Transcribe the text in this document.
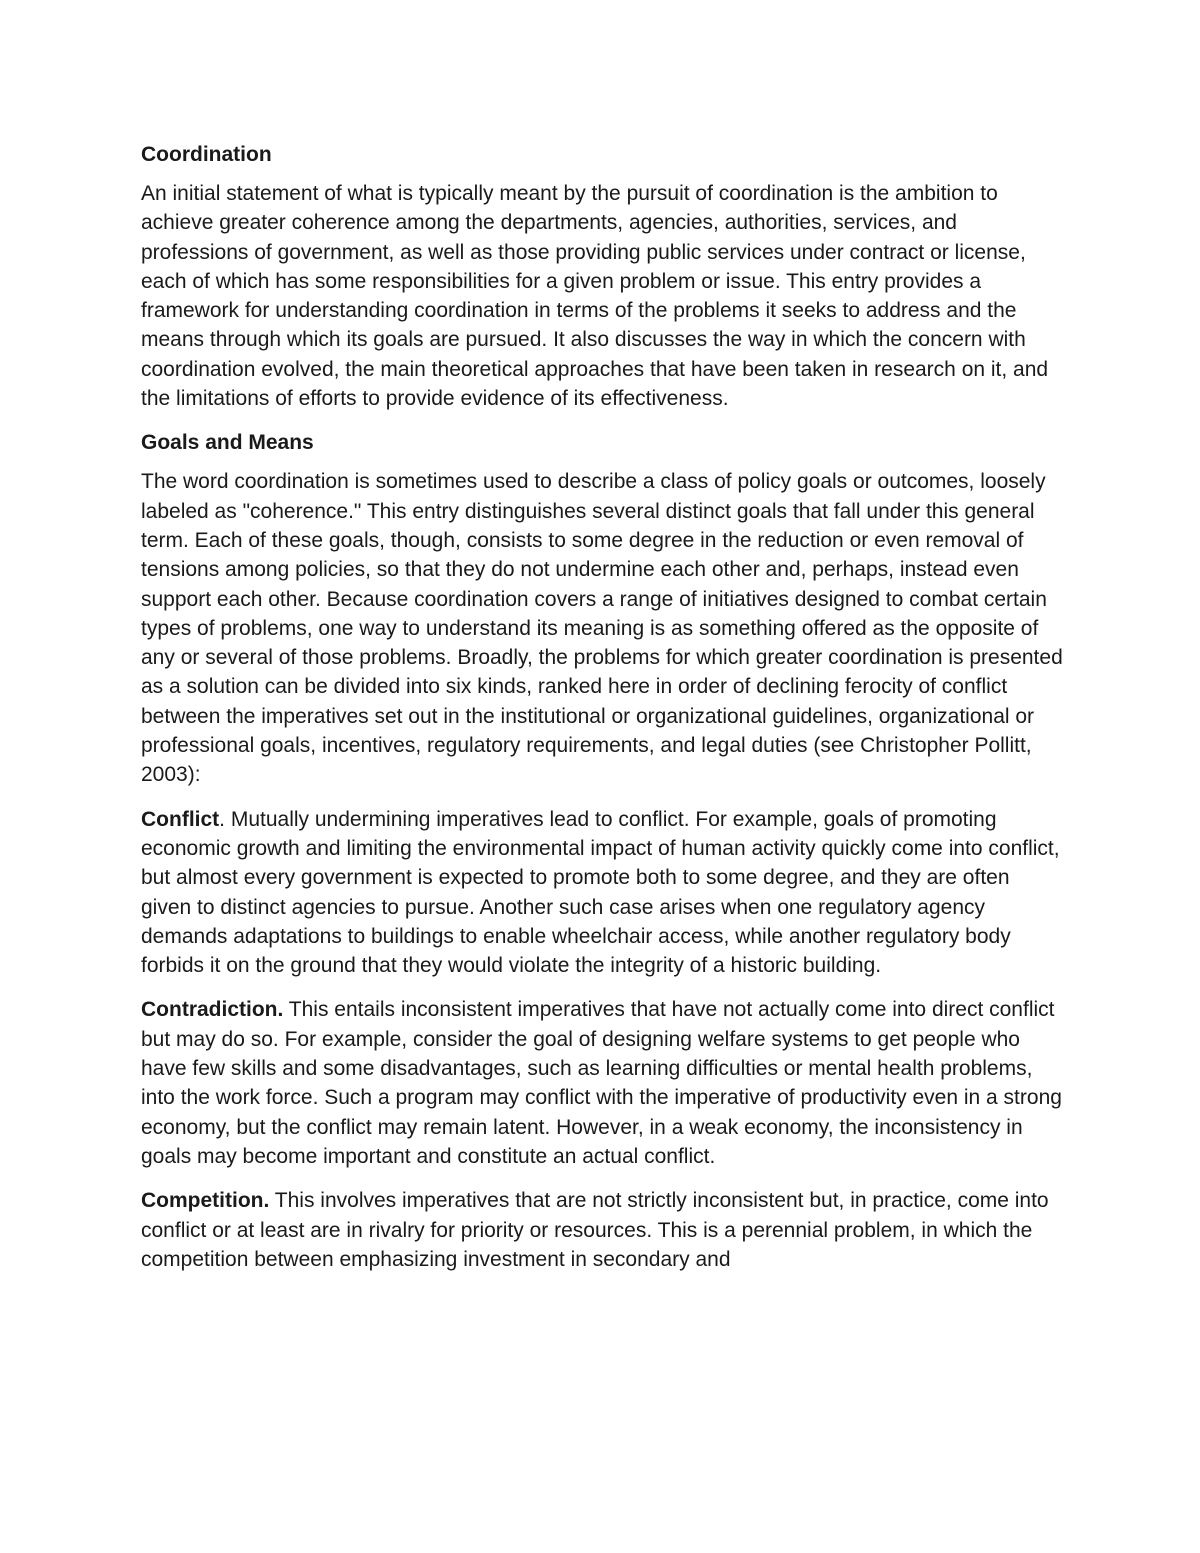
Coordination

An initial statement of what is typically meant by the pursuit of coordination is the ambition to achieve greater coherence among the departments, agencies, authorities, services, and professions of government, as well as those providing public services under contract or license, each of which has some responsibilities for a given problem or issue. This entry provides a framework for understanding coordination in terms of the problems it seeks to address and the means through which its goals are pursued. It also discusses the way in which the concern with coordination evolved, the main theoretical approaches that have been taken in research on it, and the limitations of efforts to provide evidence of its effectiveness.

Goals and Means

The word coordination is sometimes used to describe a class of policy goals or outcomes, loosely labeled as "coherence." This entry distinguishes several distinct goals that fall under this general term. Each of these goals, though, consists to some degree in the reduction or even removal of tensions among policies, so that they do not undermine each other and, perhaps, instead even support each other. Because coordination covers a range of initiatives designed to combat certain types of problems, one way to understand its meaning is as something offered as the opposite of any or several of those problems. Broadly, the problems for which greater coordination is presented as a solution can be divided into six kinds, ranked here in order of declining ferocity of conflict between the imperatives set out in the institutional or organizational guidelines, organizational or professional goals, incentives, regulatory requirements, and legal duties (see Christopher Pollitt, 2003):

Conflict. Mutually undermining imperatives lead to conflict. For example, goals of promoting economic growth and limiting the environmental impact of human activity quickly come into conflict, but almost every government is expected to promote both to some degree, and they are often given to distinct agencies to pursue. Another such case arises when one regulatory agency demands adaptations to buildings to enable wheelchair access, while another regulatory body forbids it on the ground that they would violate the integrity of a historic building.

Contradiction. This entails inconsistent imperatives that have not actually come into direct conflict but may do so. For example, consider the goal of designing welfare systems to get people who have few skills and some disadvantages, such as learning difficulties or mental health problems, into the work force. Such a program may conflict with the imperative of productivity even in a strong economy, but the conflict may remain latent. However, in a weak economy, the inconsistency in goals may become important and constitute an actual conflict.

Competition. This involves imperatives that are not strictly inconsistent but, in practice, come into conflict or at least are in rivalry for priority or resources. This is a perennial problem, in which the competition between emphasizing investment in secondary and
